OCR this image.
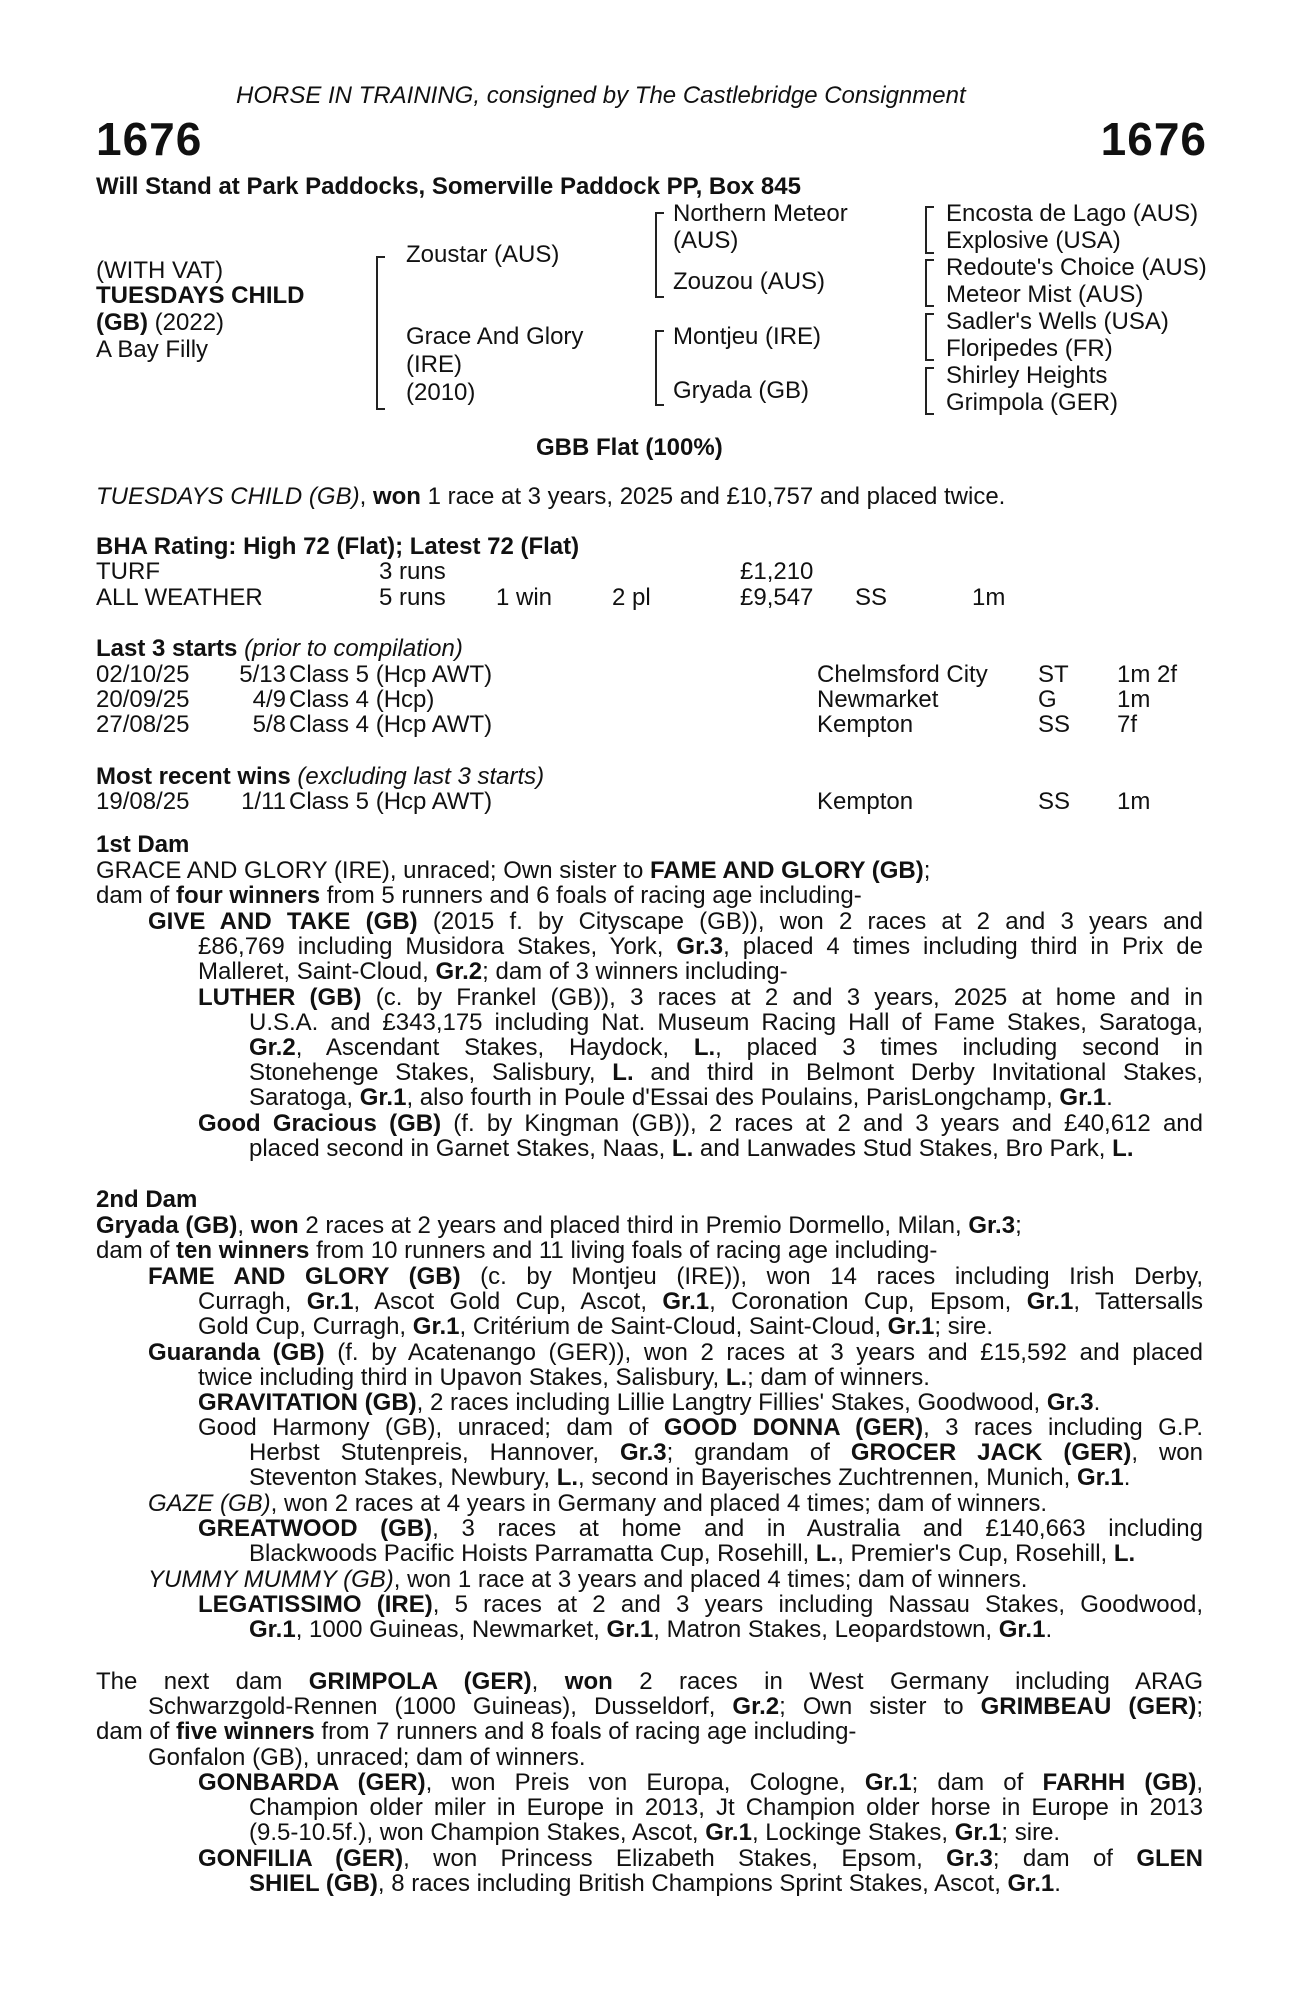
HORSE IN TRAINING, consigned by The Castlebridge Consignment
1676	1676
Will Stand at Park Paddocks, Somerville Paddock PP, Box 845
(WITH VAT)
TUESDAYS CHILD
(GB) (2022)
A Bay Filly
Zoustar (AUS)
Grace And Glory
(IRE)
(2010)
Northern Meteor
(AUS)
Zouzou (AUS)
Montjeu (IRE)
Gryada (GB)
Encosta de Lago (AUS)
Explosive (USA)
Redoute's Choice (AUS)
Meteor Mist (AUS)
Sadler's Wells (USA)
Floripedes (FR)
Shirley Heights
Grimpola (GER)
GBB Flat (100%)
TUESDAYS CHILD (GB), won 1 race at 3 years, 2025 and £10,757 and placed twice.
BHA Rating: High 72 (Flat); Latest 72 (Flat)
TURF	3 runs	£1,210
ALL WEATHER	5 runs 1 win 2 pl	£9,547 SS	1m
Last 3 starts (prior to compilation)
02/10/25	5/13 Class 5 (Hcp AWT)	Chelmsford City ST 1m 2f
20/09/25	4/9 Class 4 (Hcp)	Newmarket	G	1m
27/08/25	5/8 Class 4 (Hcp AWT)	Kempton	SS 7f
Most recent wins (excluding last 3 starts)
19/08/25	1/11 Class 5 (Hcp AWT)	Kempton	SS 1m
1st Dam
GRACE AND GLORY (IRE), unraced; Own sister to FAME AND GLORY (GB);
dam of four winners from 5 runners and 6 foals of racing age including-
GIVE AND TAKE (GB) (2015 f. by Cityscape (GB)), won 2 races at 2 and 3 years and
£86,769 including Musidora Stakes, York, Gr.3, placed 4 times including third in Prix de
Malleret, Saint-Cloud, Gr.2; dam of 3 winners including-
LUTHER (GB) (c. by Frankel (GB)), 3 races at 2 and 3 years, 2025 at home and in
U.S.A. and £343,175 including Nat. Museum Racing Hall of Fame Stakes, Saratoga,
Gr.2, Ascendant Stakes, Haydock, L., placed 3 times including second in
Stonehenge Stakes, Salisbury, L. and third in Belmont Derby Invitational Stakes,
Saratoga, Gr.1, also fourth in Poule d'Essai des Poulains, ParisLongchamp, Gr.1.
Good Gracious (GB) (f. by Kingman (GB)), 2 races at 2 and 3 years and £40,612 and
placed second in Garnet Stakes, Naas, L. and Lanwades Stud Stakes, Bro Park, L.
2nd Dam
Gryada (GB), won 2 races at 2 years and placed third in Premio Dormello, Milan, Gr.3;
dam of ten winners from 10 runners and 11 living foals of racing age including-
FAME AND GLORY (GB) (c. by Montjeu (IRE)), won 14 races including Irish Derby,
Curragh, Gr.1, Ascot Gold Cup, Ascot, Gr.1, Coronation Cup, Epsom, Gr.1, Tattersalls
Gold Cup, Curragh, Gr.1, Critérium de Saint-Cloud, Saint-Cloud, Gr.1; sire.
Guaranda (GB) (f. by Acatenango (GER)), won 2 races at 3 years and £15,592 and placed
twice including third in Upavon Stakes, Salisbury, L.; dam of winners.
GRAVITATION (GB), 2 races including Lillie Langtry Fillies' Stakes, Goodwood, Gr.3.
Good Harmony (GB), unraced; dam of GOOD DONNA (GER), 3 races including G.P.
Herbst Stutenpreis, Hannover, Gr.3; grandam of GROCER JACK (GER), won
Steventon Stakes, Newbury, L., second in Bayerisches Zuchtrennen, Munich, Gr.1.
GAZE (GB), won 2 races at 4 years in Germany and placed 4 times; dam of winners.
GREATWOOD (GB), 3 races at home and in Australia and £140,663 including
Blackwoods Pacific Hoists Parramatta Cup, Rosehill, L., Premier's Cup, Rosehill, L.
YUMMY MUMMY (GB), won 1 race at 3 years and placed 4 times; dam of winners.
LEGATISSIMO (IRE), 5 races at 2 and 3 years including Nassau Stakes, Goodwood,
Gr.1, 1000 Guineas, Newmarket, Gr.1, Matron Stakes, Leopardstown, Gr.1.
The next dam GRIMPOLA (GER), won 2 races in West Germany including ARAG
Schwarzgold-Rennen (1000 Guineas), Dusseldorf, Gr.2; Own sister to GRIMBEAU (GER);
dam of five winners from 7 runners and 8 foals of racing age including-
Gonfalon (GB), unraced; dam of winners.
GONBARDA (GER), won Preis von Europa, Cologne, Gr.1; dam of FARHH (GB),
Champion older miler in Europe in 2013, Jt Champion older horse in Europe in 2013
(9.5-10.5f.), won Champion Stakes, Ascot, Gr.1, Lockinge Stakes, Gr.1; sire.
GONFILIA (GER), won Princess Elizabeth Stakes, Epsom, Gr.3; dam of GLEN
SHIEL (GB), 8 races including British Champions Sprint Stakes, Ascot, Gr.1.
